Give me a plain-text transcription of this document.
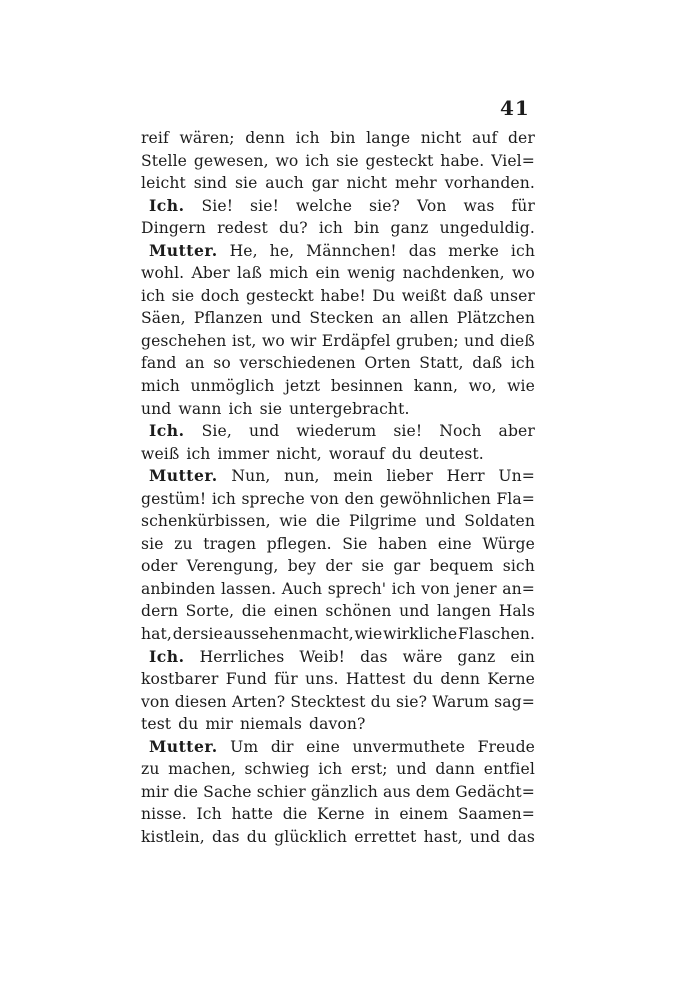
41
reif wären; denn ich bin lange nicht auf der
Stelle gewesen, wo ich sie gesteckt habe. Viel=
leicht sind sie auch gar nicht mehr vorhanden.
Ich. Sie! sie! welche sie? Von was für
Dingern redest du? ich bin ganz ungeduldig.
Mutter. He, he, Männchen! das merke ich
wohl. Aber laß mich ein wenig nachdenken, wo
ich sie doch gesteckt habe! Du weißt daß unser
Säen, Pflanzen und Stecken an allen Plätzchen
geschehen ist, wo wir Erdäpfel gruben; und dieß
fand an so verschiedenen Orten Statt, daß ich
mich unmöglich jetzt besinnen kann, wo, wie
und wann ich sie untergebracht.
Ich. Sie, und wiederum sie! Noch aber
weiß ich immer nicht, worauf du deutest.
Mutter. Nun, nun, mein lieber Herr Un=
gestüm! ich spreche von den gewöhnlichen Fla=
schenkürbissen, wie die Pilgrime und Soldaten
sie zu tragen pflegen. Sie haben eine Würge
oder Verengung, bey der sie gar bequem sich
anbinden lassen. Auch sprech' ich von jener an=
dern Sorte, die einen schönen und langen Hals
hat, der sie aussehen macht, wie wirkliche Flaschen.
Ich. Herrliches Weib! das wäre ganz ein
kostbarer Fund für uns. Hattest du denn Kerne
von diesen Arten? Stecktest du sie? Warum sag=
test du mir niemals davon?
Mutter. Um dir eine unvermuthete Freude
zu machen, schwieg ich erst; und dann entfiel
mir die Sache schier gänzlich aus dem Gedächt=
nisse. Ich hatte die Kerne in einem Saamen=
kistlein, das du glücklich errettet hast, und das
